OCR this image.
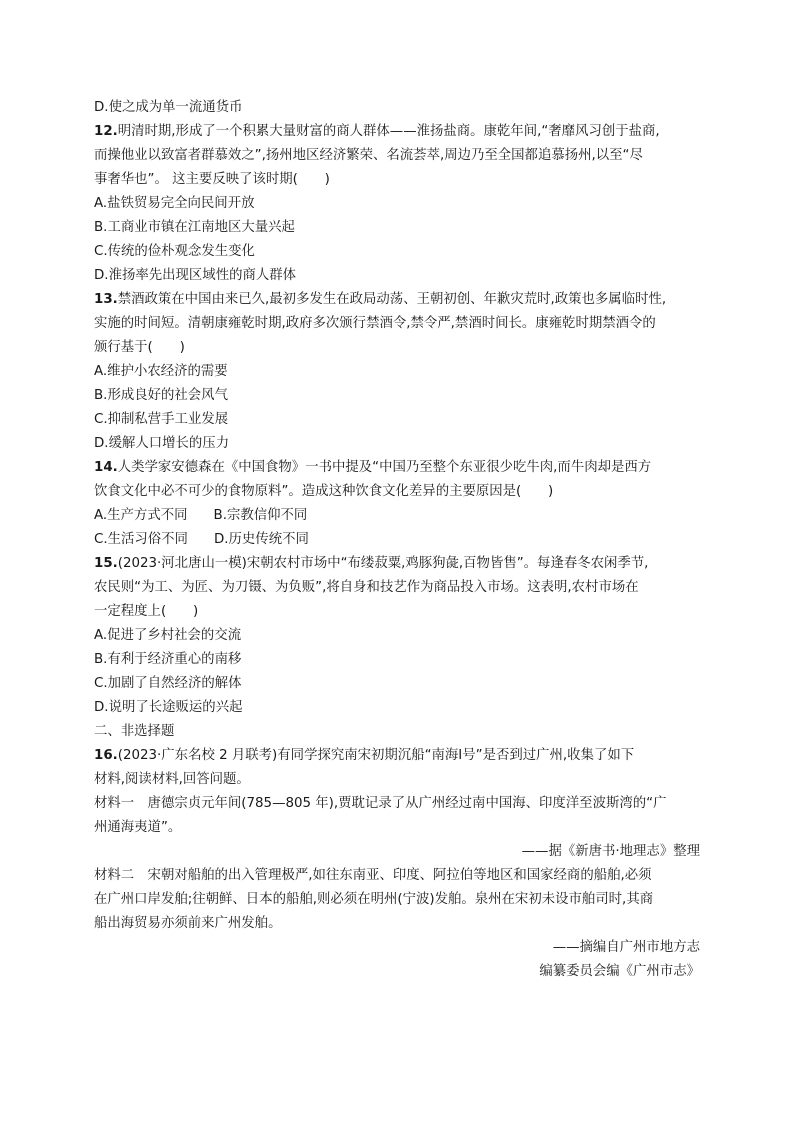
D.使之成为单一流通货币
12.明清时期,形成了一个积累大量财富的商人群体——淮扬盐商。康乾年间,“奢靡风习创于盐商,
而操他业以致富者群慕效之”,扬州地区经济繁荣、名流荟萃,周边乃至全国都追慕扬州,以至“尽
事奢华也”。 这主要反映了该时期(　　)
A.盐铁贸易完全向民间开放
B.工商业市镇在江南地区大量兴起
C.传统的俭朴观念发生变化
D.淮扬率先出现区域性的商人群体
13.禁酒政策在中国由来已久,最初多发生在政局动荡、王朝初创、年歉灾荒时,政策也多属临时性,
实施的时间短。清朝康雍乾时期,政府多次颁行禁酒令,禁令严,禁酒时间长。康雍乾时期禁酒令的
颁行基于(　　)
A.维护小农经济的需要
B.形成良好的社会风气
C.抑制私营手工业发展
D.缓解人口增长的压力
14.人类学家安德森在《中国食物》一书中提及“中国乃至整个东亚很少吃牛肉,而牛肉却是西方
饮食文化中必不可少的食物原料”。造成这种饮食文化差异的主要原因是(　　)
A.生产方式不同 B.宗教信仰不同
C.生活习俗不同 D.历史传统不同
15.(2023·河北唐山一模)宋朝农村市场中“布缕菽粟,鸡豚狗彘,百物皆售”。每逢春冬农闲季节,
农民则“为工、为匠、为刀镊、为负贩”,将自身和技艺作为商品投入市场。这表明,农村市场在
一定程度上(　　)
A.促进了乡村社会的交流
B.有利于经济重心的南移
C.加剧了自然经济的解体
D.说明了长途贩运的兴起
二、非选择题
16.(2023·广东名校 2 月联考)有同学探究南宋初期沉船“南海Ⅰ号”是否到过广州,收集了如下
材料,阅读材料,回答问题。
材料一　唐德宗贞元年间(785—805 年),贾耽记录了从广州经过南中国海、印度洋至波斯湾的“广
州通海夷道”。
——据《新唐书·地理志》整理
材料二　宋朝对船舶的出入管理极严,如往东南亚、印度、阿拉伯等地区和国家经商的船舶,必须
在广州口岸发舶;往朝鲜、日本的船舶,则必须在明州(宁波)发舶。泉州在宋初未设市舶司时,其商
船出海贸易亦须前来广州发舶。
——摘编自广州市地方志
编纂委员会编《广州市志》
